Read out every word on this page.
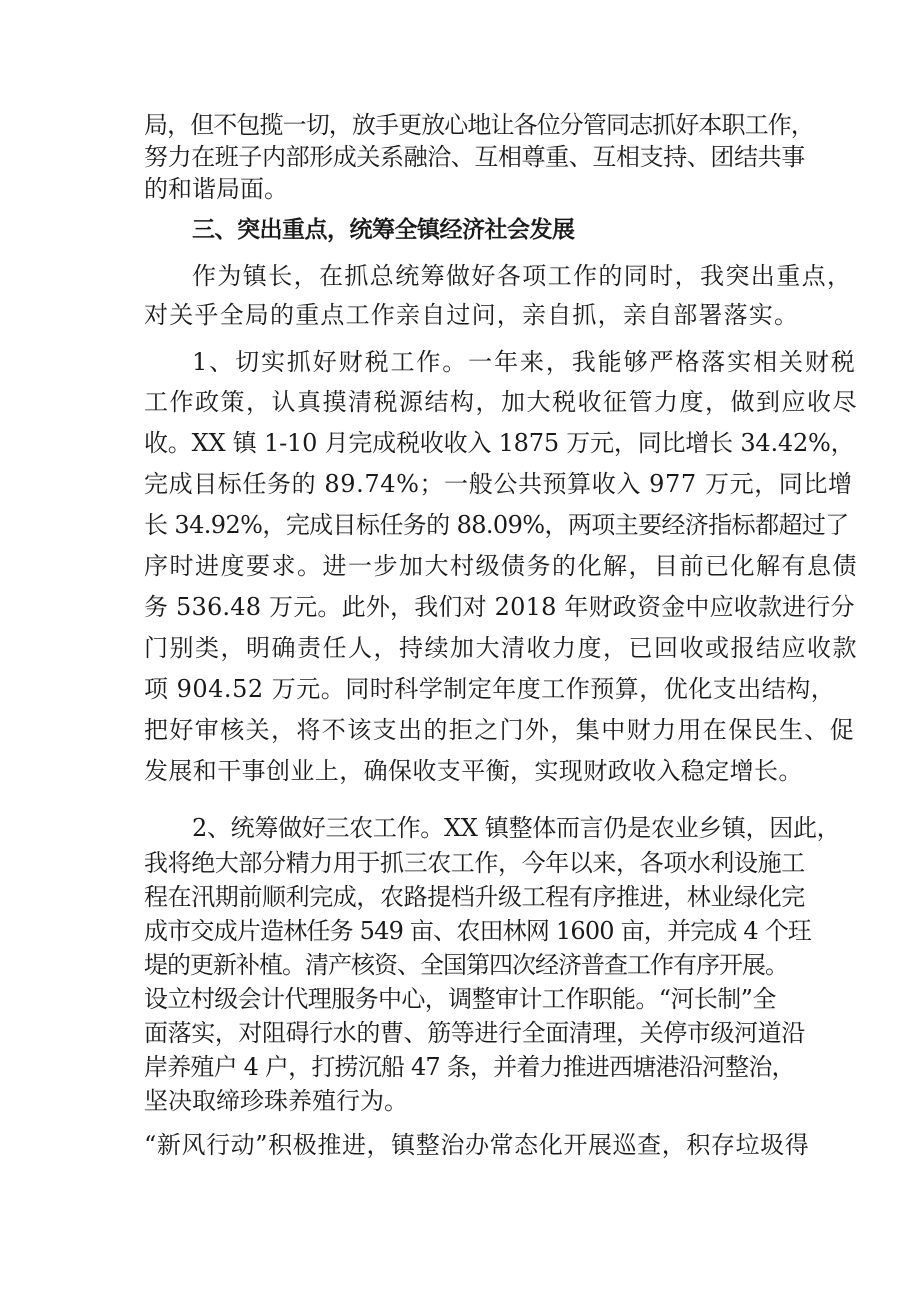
局，但不包揽一切，放手更放心地让各位分管同志抓好本职工作，
努力在班子内部形成关系融洽、互相尊重、互相支持、团结共事
的和谐局面。
三、突出重点，统筹全镇经济社会发展
作为镇长，在抓总统筹做好各项工作的同时，我突出重点，
对关乎全局的重点工作亲自过问，亲自抓，亲自部署落实。
1、切实抓好财税工作。一年来，我能够严格落实相关财税
工作政策，认真摸清税源结构，加大税收征管力度，做到应收尽
收。XX 镇 1-10 月完成税收收入 1875 万元，同比增长 34.42%，
完成目标任务的 89.74%；一般公共预算收入 977 万元，同比增
长 34.92%，完成目标任务的 88.09%，两项主要经济指标都超过了
序时进度要求。进一步加大村级债务的化解，目前已化解有息债
务 536.48 万元。此外，我们对 2018 年财政资金中应收款进行分
门别类，明确责任人，持续加大清收力度，已回收或报结应收款
项 904.52 万元。同时科学制定年度工作预算，优化支出结构，
把好审核关，将不该支出的拒之门外，集中财力用在保民生、促
发展和干事创业上，确保收支平衡，实现财政收入稳定增长。
2、统筹做好三农工作。XX 镇整体而言仍是农业乡镇，因此，
我将绝大部分精力用于抓三农工作，今年以来，各项水利设施工
程在汛期前顺利完成，农路提档升级工程有序推进，林业绿化完
成市交成片造林任务 549 亩、农田林网 1600 亩，并完成 4 个玨
堤的更新补植。清产核资、全国第四次经济普查工作有序开展。
设立村级会计代理服务中心，调整审计工作职能。“河长制”全
面落实，对阻碍行水的曹、筋等进行全面清理，关停市级河道沿
岸养殖户 4 户，打捞沉船 47 条，并着力推进西塘港沿河整治，
坚决取缔珍珠养殖行为。
“新风行动”积极推进，镇整治办常态化开展巡查，积存垃圾得
